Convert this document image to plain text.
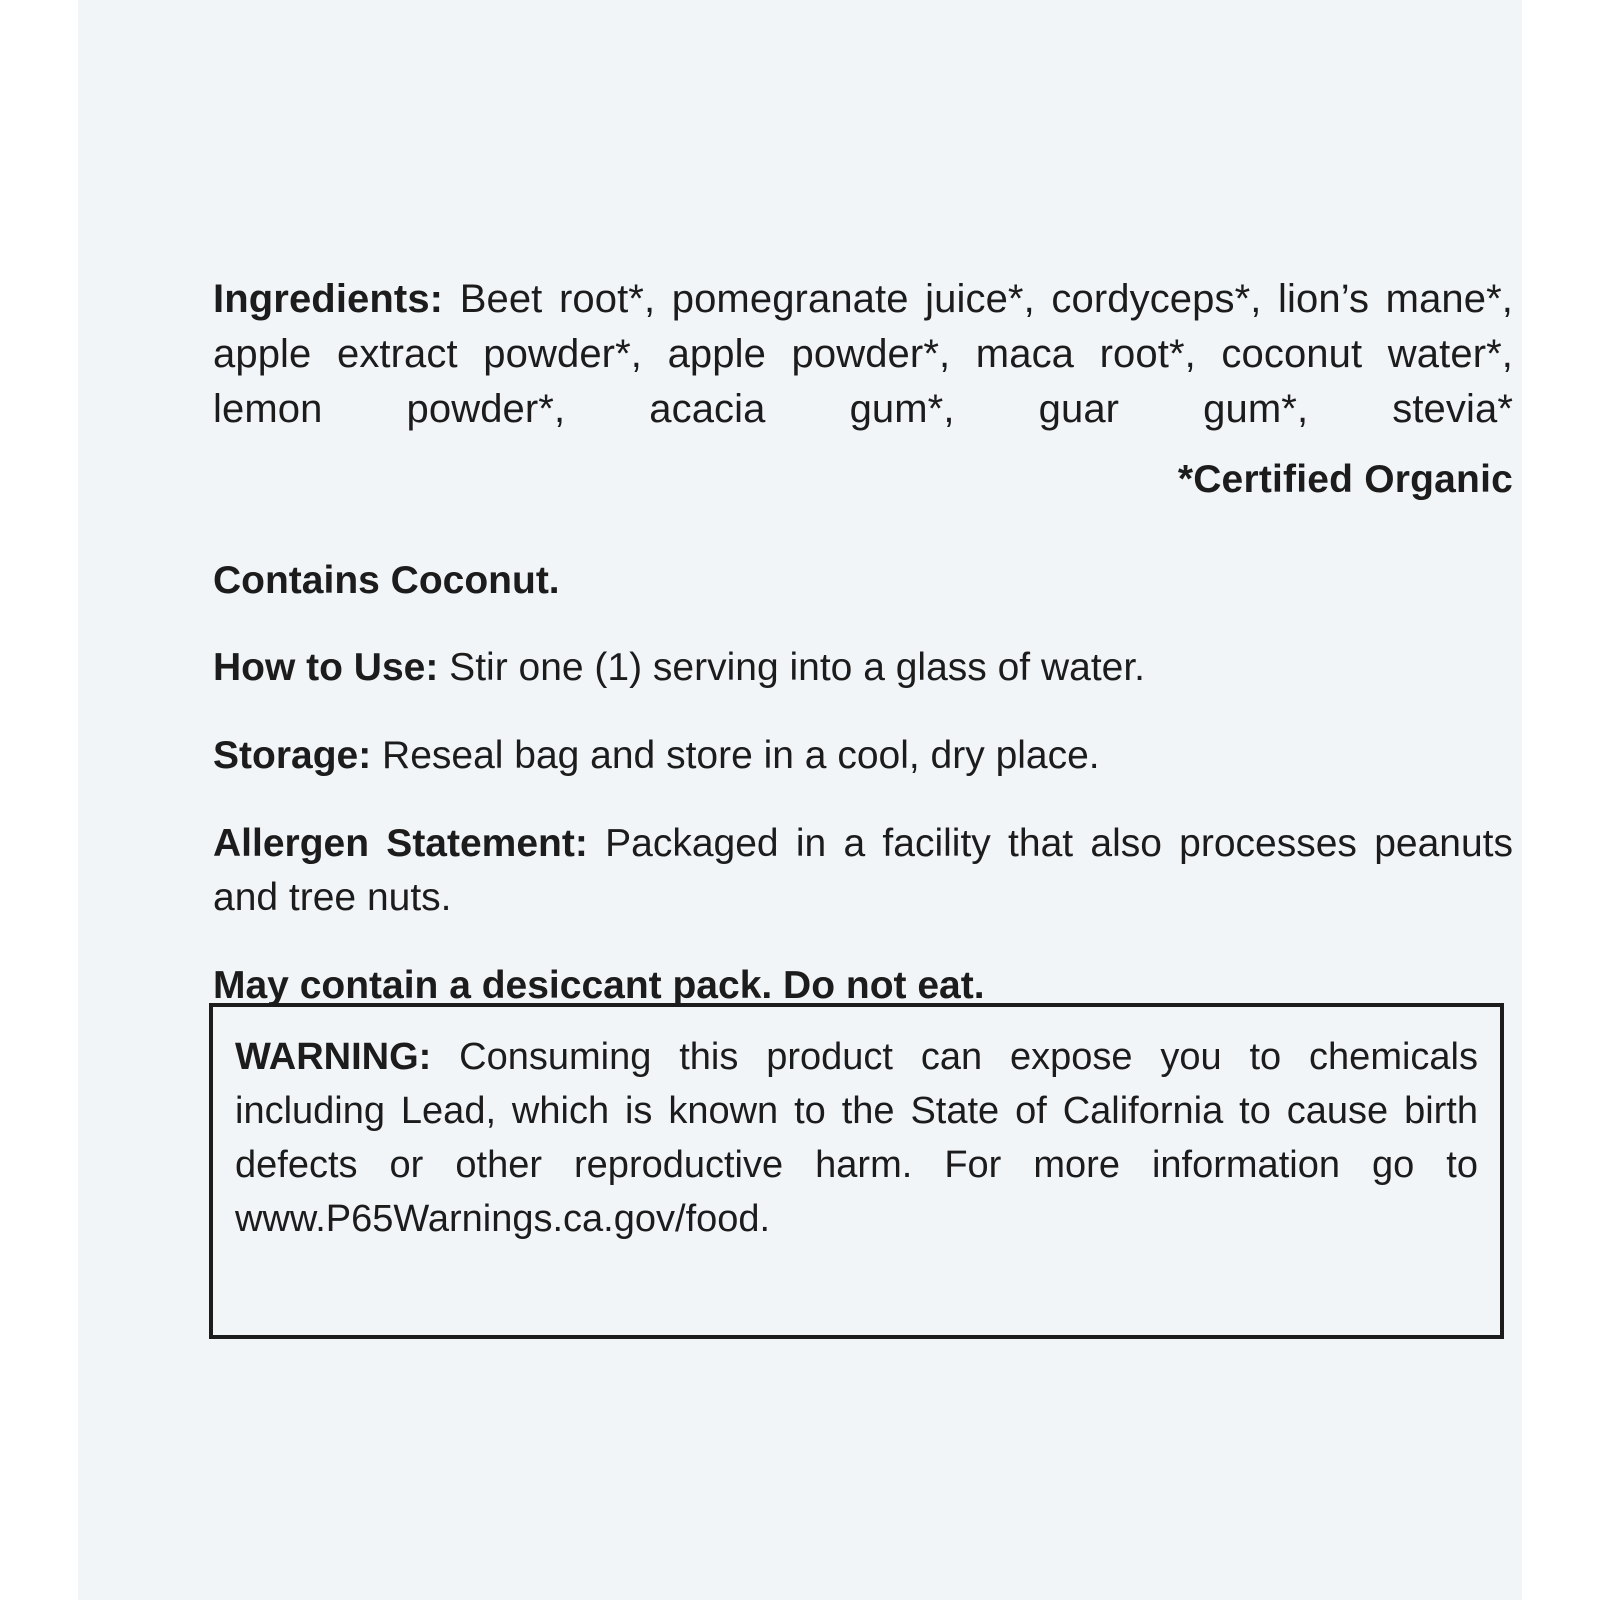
Ingredients: Beet root*, pomegranate juice*, cordyceps*, lion’s mane*, apple extract powder*, apple powder*, maca root*, coconut water*, lemon powder*, acacia gum*, guar gum*, stevia*
*Certified Organic
Contains Coconut.
How to Use: Stir one (1) serving into a glass of water.
Storage: Reseal bag and store in a cool, dry place.
Allergen Statement: Packaged in a facility that also processes peanuts and tree nuts.
May contain a desiccant pack. Do not eat.
WARNING: Consuming this product can expose you to chemicals including Lead, which is known to the State of California to cause birth defects or other reproductive harm. For more information go to www.P65Warnings.ca.gov/food.
